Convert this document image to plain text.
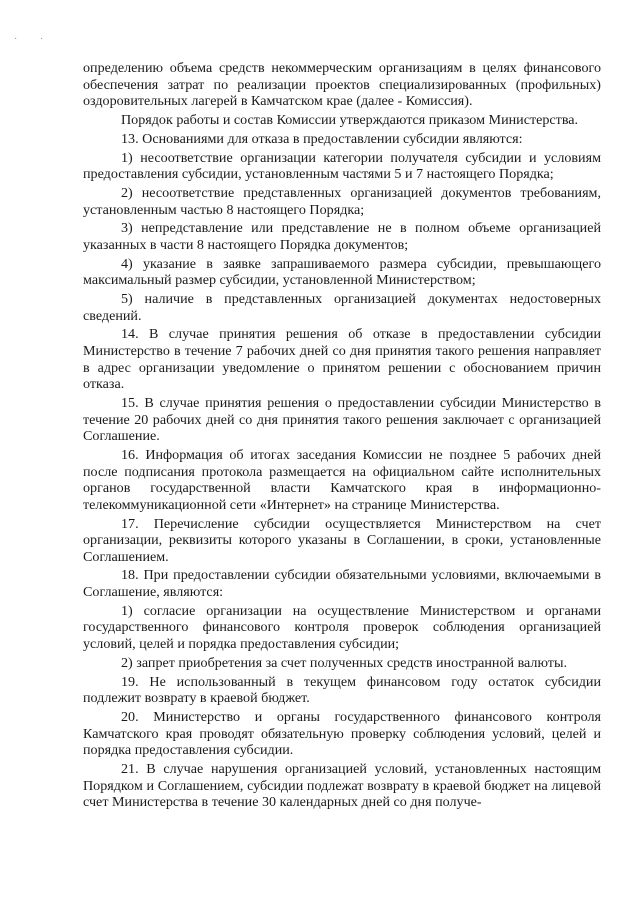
· ·

определению объема средств некоммерческим организациям в целях финансового обеспечения затрат по реализации проектов специализированных (профильных) оздоровительных лагерей в Камчатском крае (далее - Комиссия).

Порядок работы и состав Комиссии утверждаются приказом Министерства.

13. Основаниями для отказа в предоставлении субсидии являются:

1) несоответствие организации категории получателя субсидии и условиям предоставления субсидии, установленным частями 5 и 7 настоящего Порядка;

2) несоответствие представленных организацией документов требованиям, установленным частью 8 настоящего Порядка;

3) непредставление или представление не в полном объеме организацией указанных в части 8 настоящего Порядка документов;

4) указание в заявке запрашиваемого размера субсидии, превышающего максимальный размер субсидии, установленной Министерством;

5) наличие в представленных организацией документах недостоверных сведений.

14. В случае принятия решения об отказе в предоставлении субсидии Министерство в течение 7 рабочих дней со дня принятия такого решения направляет в адрес организации уведомление о принятом решении с обоснованием причин отказа.

15. В случае принятия решения о предоставлении субсидии Министерство в течение 20 рабочих дней со дня принятия такого решения заключает с организацией Соглашение.

16. Информация об итогах заседания Комиссии не позднее 5 рабочих дней после подписания протокола размещается на официальном сайте исполнительных органов государственной власти Камчатского края в информационно-телекоммуникационной сети «Интернет» на странице Министерства.

17. Перечисление субсидии осуществляется Министерством на счет организации, реквизиты которого указаны в Соглашении, в сроки, установленные Соглашением.

18. При предоставлении субсидии обязательными условиями, включаемыми в Соглашение, являются:

1) согласие организации на осуществление Министерством и органами государственного финансового контроля проверок соблюдения организацией условий, целей и порядка предоставления субсидии;

2) запрет приобретения за счет полученных средств иностранной валюты.

19. Не использованный в текущем финансовом году остаток субсидии подлежит возврату в краевой бюджет.

20. Министерство и органы государственного финансового контроля Камчатского края проводят обязательную проверку соблюдения условий, целей и порядка предоставления субсидии.

21. В случае нарушения организацией условий, установленных настоящим Порядком и Соглашением, субсидии подлежат возврату в краевой бюджет на лицевой счет Министерства в течение 30 календарных дней со дня получе-
